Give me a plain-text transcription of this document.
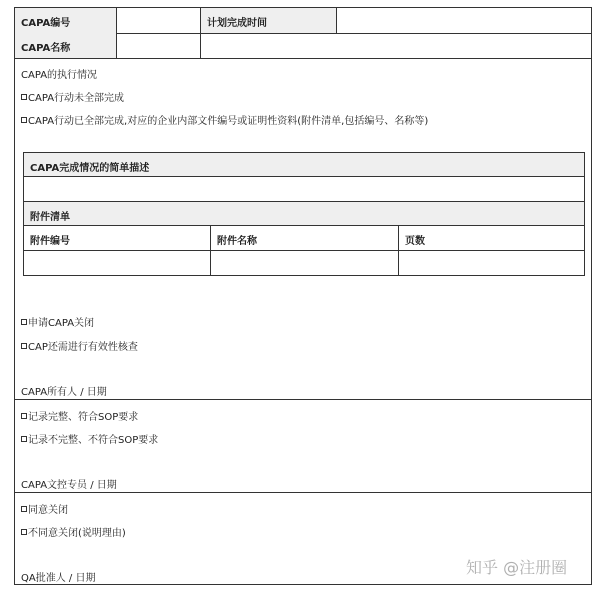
CAPA编号	计划完成时间
CAPA名称
CAPA的执行情况
CAPA行动未全部完成
CAPA行动已全部完成,对应的企业内部文件编号或证明性资料(附件清单,包括编号、名称等)
CAPA完成情况的简单描述
附件清单
附件编号	附件名称	页数
申请CAPA关闭
CAP还需进行有效性核查
CAPA所有人 / 日期
记录完整、符合SOP要求
记录不完整、不符合SOP要求
CAPA文控专员 / 日期
同意关闭
不同意关闭(说明理由)
QA批准人 / 日期
知乎 @注册圈
